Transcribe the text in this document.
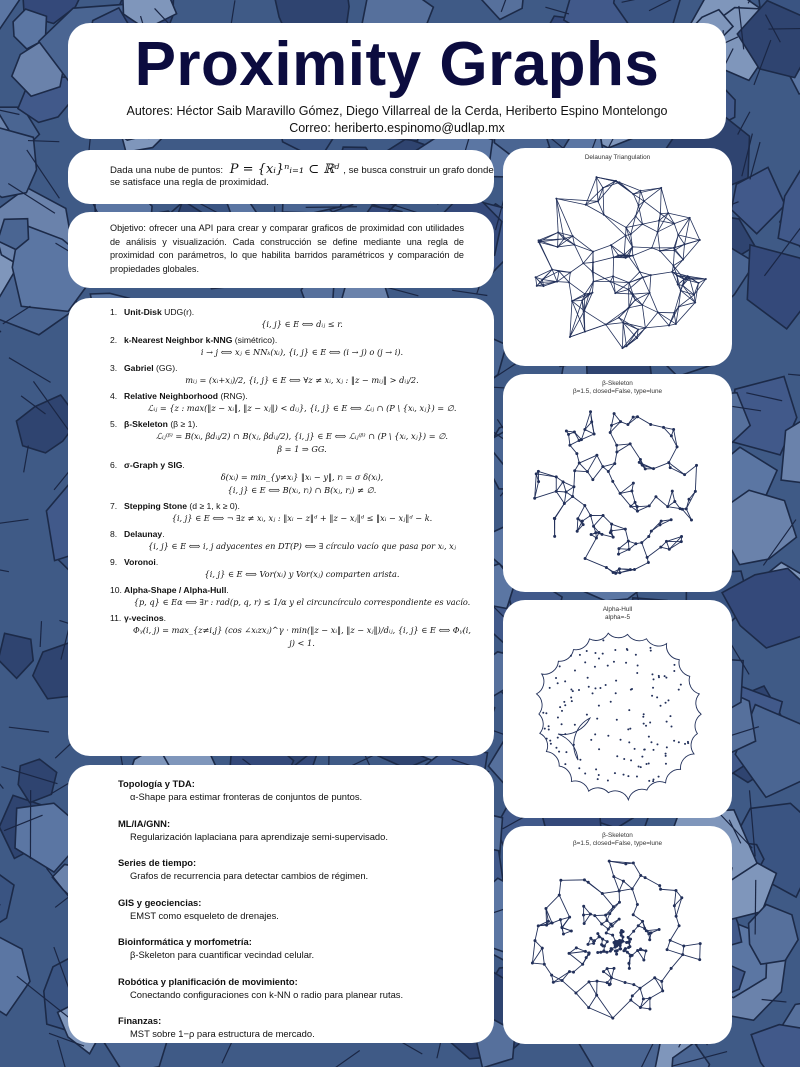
Proximity Graphs
Autores: Héctor Saib Maravillo Gómez, Diego Villarreal de la Cerda, Heriberto Espino Montelongo
Correo: heriberto.espinomo@udlap.mx
Dada una nube de puntos: P = {xᵢ}ⁿᵢ₌₁ ⊂ ℝᵈ , se busca construir un grafo donde se satisface una regla de proximidad.
Objetivo: ofrecer una API para crear y comparar graficos de proximidad con utilidades de análisis y visualización. Cada construcción se define mediante una regla de proximidad con parámetros, lo que habilita barridos paramétricos y comparación de propiedades globales.
1. Unit-Disk UDG(r).
{i, j} ∈ E ⟺ dᵢⱼ ≤ r.
2. k-Nearest Neighbor k-NNG (simétrico).
i → j ⟺ xⱼ ∈ NNₖ(xᵢ), {i, j} ∈ E ⟺ (i → j) o (j → i).
3. Gabriel (GG).
mᵢⱼ = (xᵢ+xⱼ)/2, {i, j} ∈ E ⟺ ∀z ≠ xᵢ, xⱼ : ‖z − mᵢⱼ‖ > dᵢⱼ/2.
4. Relative Neighborhood (RNG).
ℒᵢⱼ = {z : max(‖z − xᵢ‖, ‖z − xⱼ‖) < dᵢⱼ}, {i, j} ∈ E ⟺ ℒᵢⱼ ∩ (P \ {xᵢ, xⱼ}) = ∅.
5. β-Skeleton (β ≥ 1).
ℒᵢⱼ⁽ᵝ⁾ = B(xᵢ, βdᵢⱼ/2) ∩ B(xⱼ, βdᵢⱼ/2), {i, j} ∈ E ⟺ ℒᵢⱼ⁽ᵝ⁾ ∩ (P \ {xᵢ, xⱼ}) = ∅.
β = 1 ⇒ GG.
6. σ-Graph y SIG.
δ(xᵢ) = min_{y≠xᵢ} ‖xᵢ − y‖, rᵢ = σ δ(xᵢ),
{i, j} ∈ E ⟺ B(xᵢ, rᵢ) ∩ B(xⱼ, rⱼ) ≠ ∅.
7. Stepping Stone (d ≥ 1, k ≥ 0).
{i, j} ∈ E ⟺ ¬ ∃z ≠ xᵢ, xⱼ : ‖xᵢ − z‖ᵈ + ‖z − xⱼ‖ᵈ ≤ ‖xᵢ − xⱼ‖ᵈ − k.
8. Delaunay.
{i, j} ∈ E ⟺ i, j adyacentes en DT(P) ⟺ ∃ círculo vacío que pasa por xᵢ, xⱼ
9. Voronoi.
{i, j} ∈ E ⟺ Vor(xᵢ) y Vor(xⱼ) comparten arista.
10. Alpha-Shape / Alpha-Hull.
{p, q} ∈ Eα ⟺ ∃r : rad(p, q, r) ≤ 1/α y el circuncírculo correspondiente es vacío.
11. γ-vecinos.
Φᵧ(i, j) = max_{z≠i,j} (cos ∠xᵢzxⱼ)^γ · min(‖z − xᵢ‖, ‖z − xⱼ‖)/dᵢⱼ, {i, j} ∈ E ⟺ Φᵧ(i, j) < 1.
Topología y TDA:
α-Shape para estimar fronteras de conjuntos de puntos.
ML/IA/GNN:
Regularización laplaciana para aprendizaje semi-supervisado.
Series de tiempo:
Grafos de recurrencia para detectar cambios de régimen.
GIS y geociencias:
EMST como esqueleto de drenajes.
Bioinformática y morfometría:
β-Skeleton para cuantificar vecindad celular.
Robótica y planificación de movimiento:
Conectando configuraciones con k-NN o radio para planear rutas.
Finanzas:
MST sobre 1−ρ para estructura de mercado.
Delaunay Triangulation
β-Skeleton
β=1.5, closed=False, type=lune
Alpha-Hull
alpha=-5
β-Skeleton
β=1.5, closed=False, type=lune
